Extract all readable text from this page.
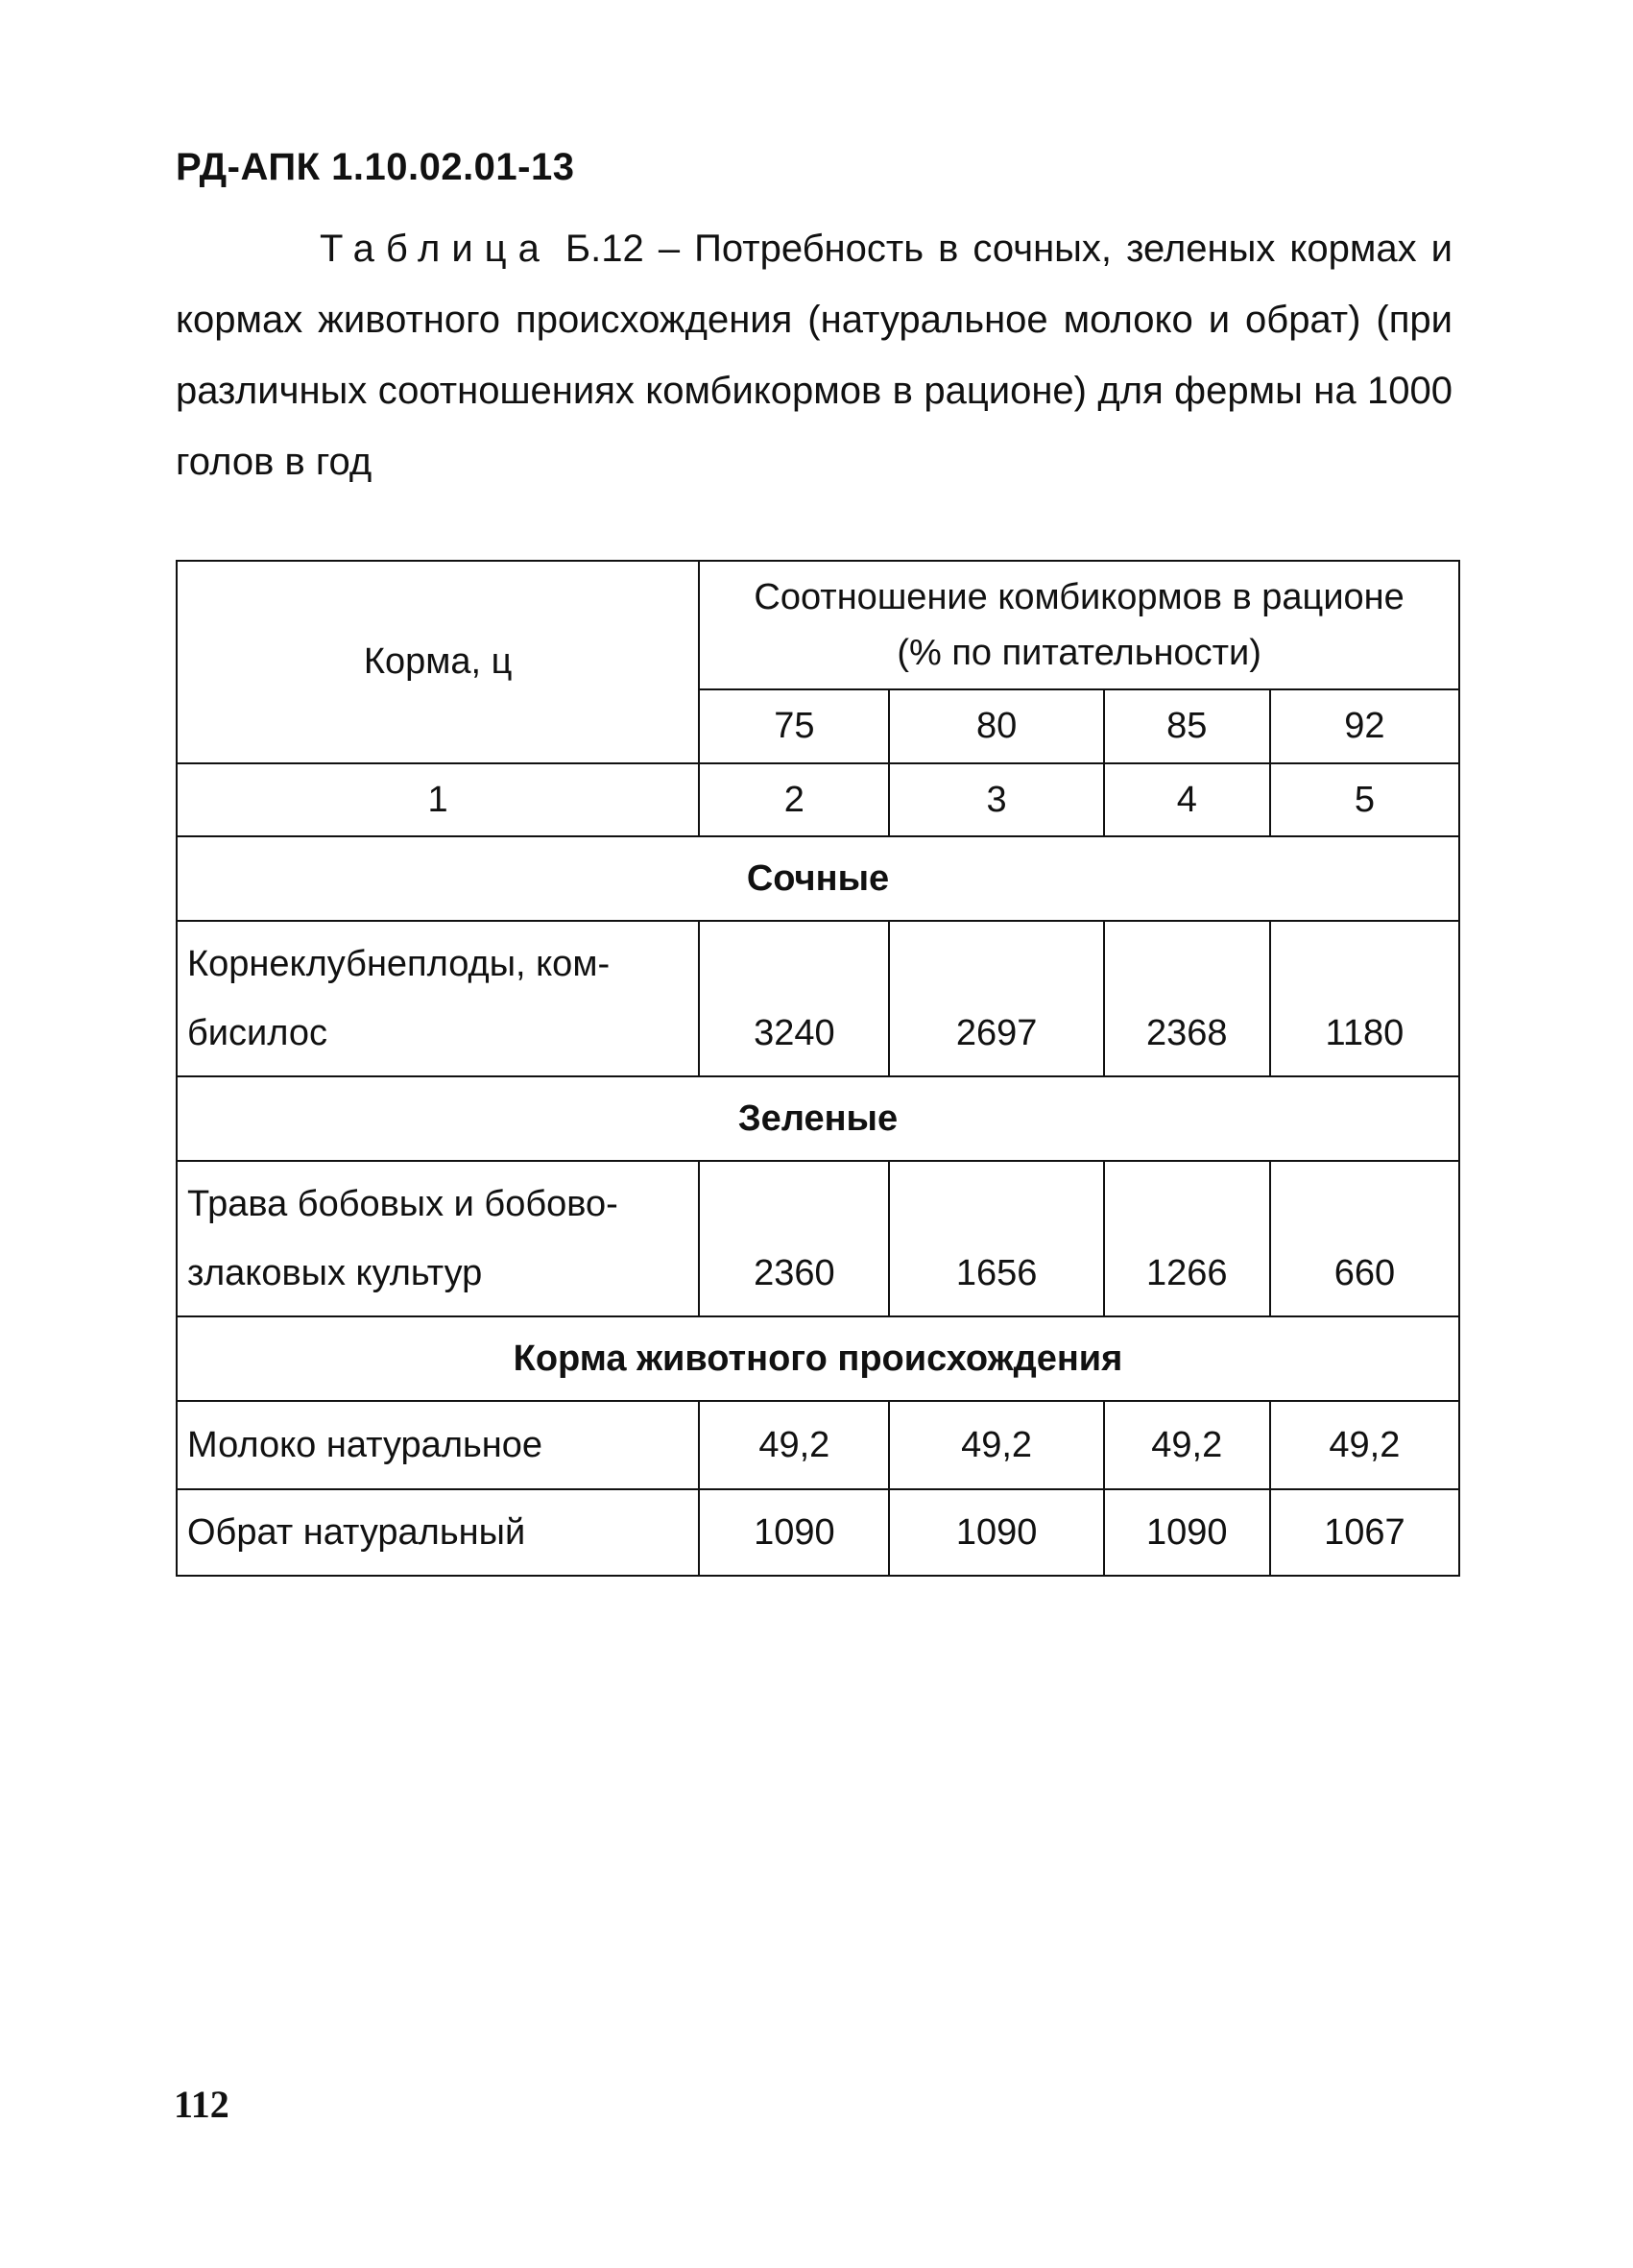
РД-АПК 1.10.02.01-13

Таблица Б.12 – Потребность в сочных, зеленых кормах и кормах животного происхождения (натуральное молоко и обрат) (при различных соотношениях комбикормов в рационе) для фермы на 1000 голов в год

Корма, ц	Соотношение комбикормов в рационе
(% по питательности)			
	75	80	85	92
1	2	3	4	5
Сочные				
Корнеклубнеплоды, ком-
бисилос	3240	2697	2368	1180
Зеленые				
Трава бобовых и бобово-
злаковых культур	2360	1656	1266	660
Корма животного происхождения				
Молоко натуральное	49,2	49,2	49,2	49,2
Обрат натуральный	1090	1090	1090	1067

112
